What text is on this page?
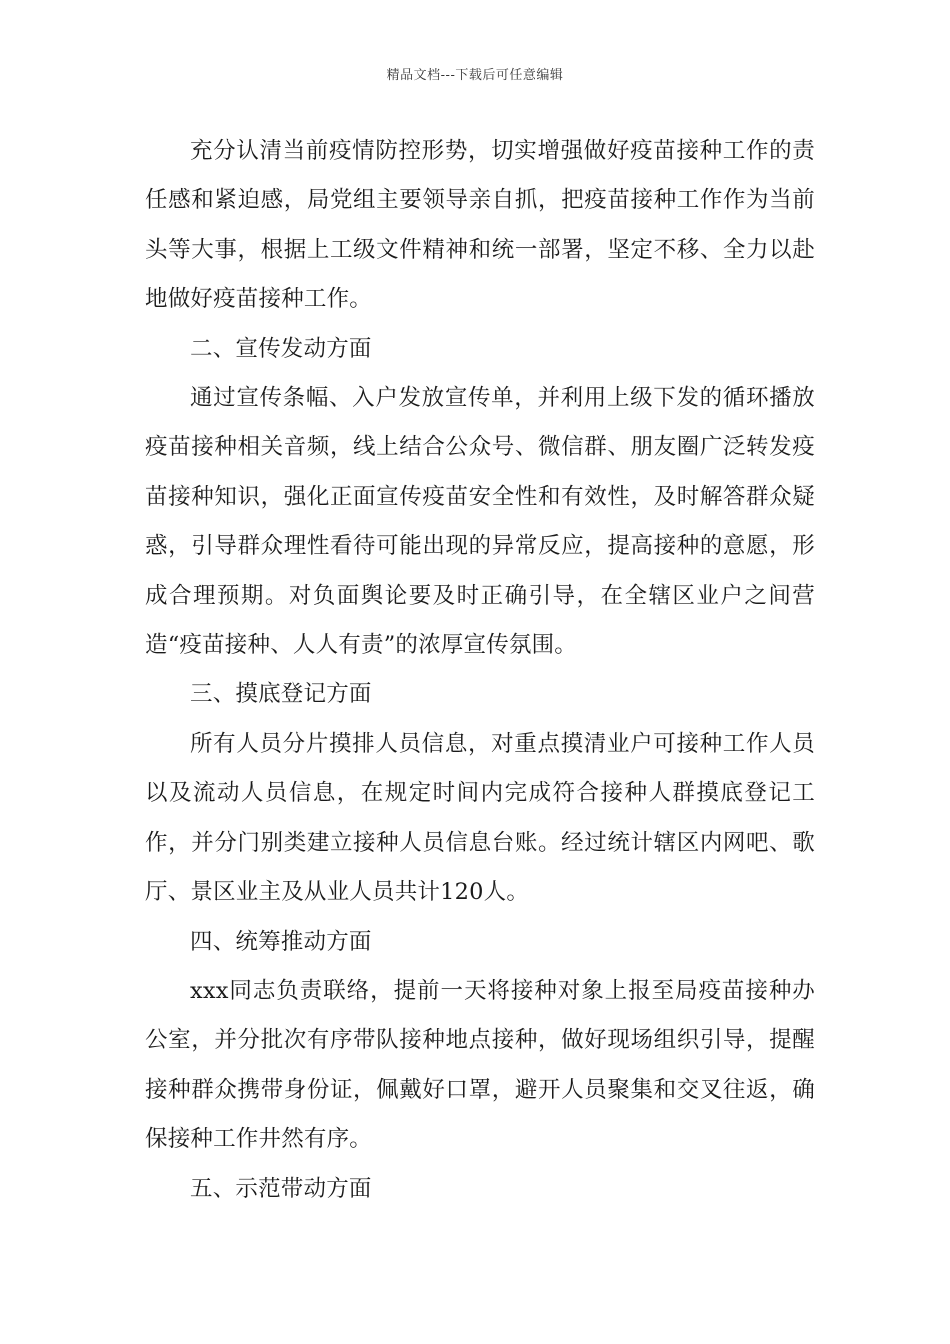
精品文档---下载后可任意编辑

充分认清当前疫情防控形势，切实增强做好疫苗接种工作的责任感和紧迫感，局党组主要领导亲自抓，把疫苗接种工作作为当前头等大事，根据上工级文件精神和统一部署，坚定不移、全力以赴地做好疫苗接种工作。

二、宣传发动方面

通过宣传条幅、入户发放宣传单，并利用上级下发的循环播放疫苗接种相关音频，线上结合公众号、微信群、朋友圈广泛转发疫苗接种知识，强化正面宣传疫苗安全性和有效性，及时解答群众疑惑，引导群众理性看待可能出现的异常反应，提高接种的意愿，形成合理预期。对负面舆论要及时正确引导，在全辖区业户之间营造“疫苗接种、人人有责”的浓厚宣传氛围。

三、摸底登记方面

所有人员分片摸排人员信息，对重点摸清业户可接种工作人员以及流动人员信息，在规定时间内完成符合接种人群摸底登记工作，并分门别类建立接种人员信息台账。经过统计辖区内网吧、歌厅、景区业主及从业人员共计120人。

四、统筹推动方面

xxx同志负责联络，提前一天将接种对象上报至局疫苗接种办公室，并分批次有序带队接种地点接种，做好现场组织引导，提醒接种群众携带身份证，佩戴好口罩，避开人员聚集和交叉往返，确保接种工作井然有序。

五、示范带动方面
